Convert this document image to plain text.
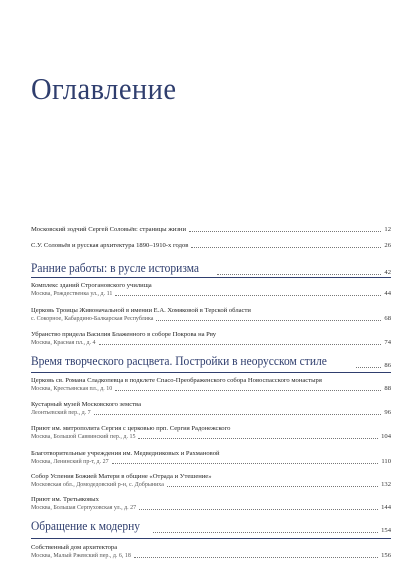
Оглавление
Московский зодчий Сергей Соловьёв: страницы жизни	12
С.У. Соловьёв и русская архитектура 1890–1910-х годов	26
Ранние работы: в русле историзма	42
Комплекс зданий Строгановского училища
Москва, Рождественка ул., д. 11	44
Церковь Троицы Живоначальной в имении Е.А. Хомяковой в Терской области
с. Сокорное, Кабардино-Балкарская Республика	68
Убранство придела Василия Блаженного в соборе Покрова на Рву
Москва, Красная пл., д. 4	74
Время творческого расцвета. Постройки в неорусском стиле	86
Церковь св. Романа Сладкопевца в подклете Спасо-Преображенского собора Новоспасского монастыря
Москва, Крестьянская пл., д. 10	88
Кустарный музей Московского земства
Леонтьевский пер., д. 7	96
Приют им. митрополита Сергия с церковью прп. Сергия Радонежского
Москва, Большой Саввинский пер., д. 15	104
Благотворительные учреждения им. Медведниковых и Рахмановой
Москва, Ленинский пр-т, д. 27	110
Собор Успения Божией Матери в общине «Отрада и Утешение»
Московская обл., Домодедовский р-н, с. Добрыниха	132
Приют им. Третьяковых
Москва, Большая Серпуховская ул., д. 27	144
Обращение к модерну	154
Собственный дом архитектора
Москва, Малый Ржевский пер., д. 6, 18	156
